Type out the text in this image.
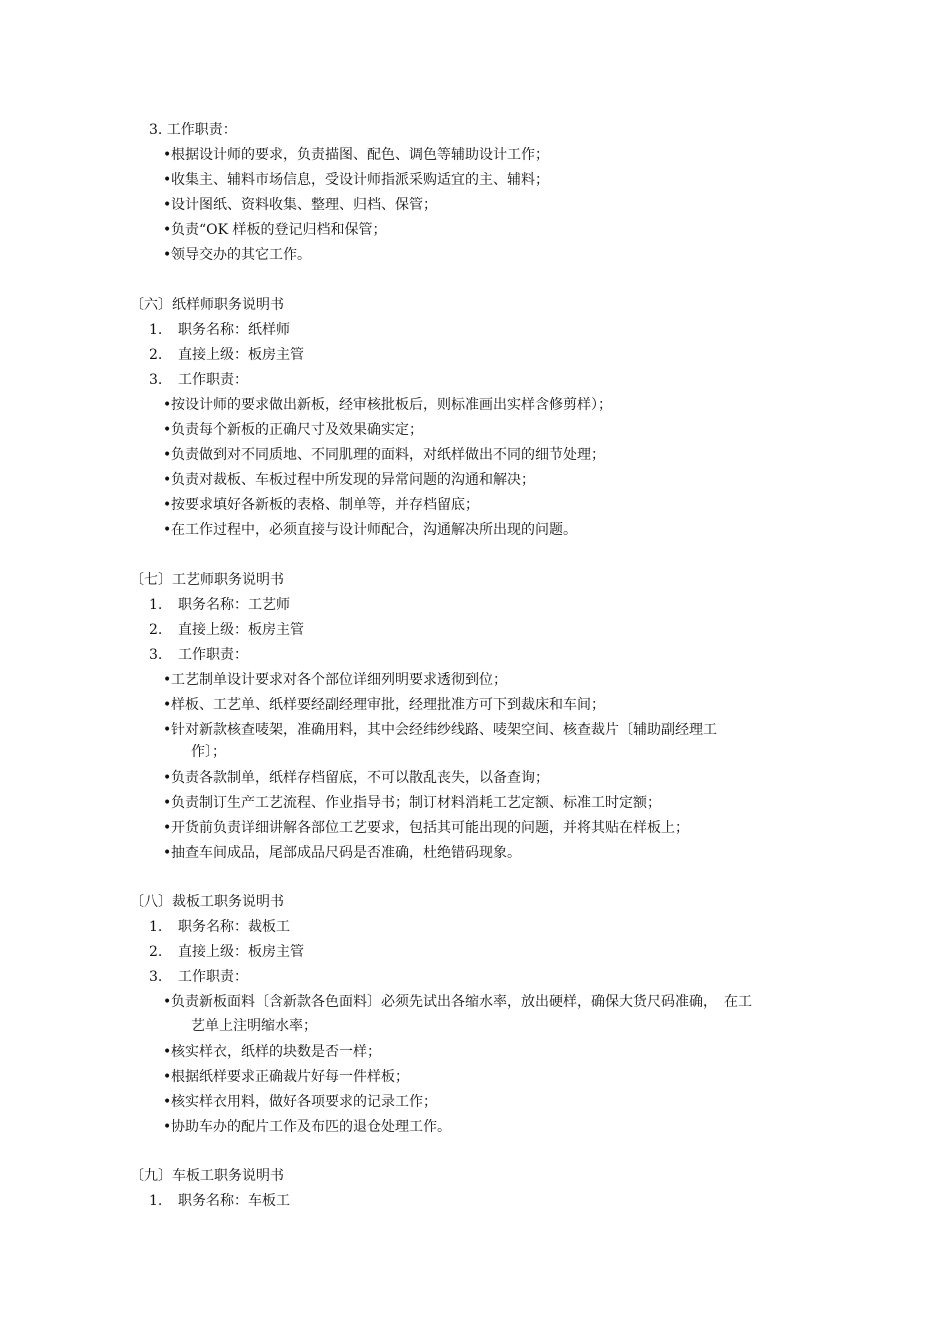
3. 工作职责：
• 根据设计师的要求，负责描图、配色、调色等辅助设计工作；
• 收集主、辅料市场信息，受设计师指派采购适宜的主、辅料；
• 设计图纸、资料收集、整理、归档、保管；
• 负责“OK 样板的登记归档和保管；
• 领导交办的其它工作。
〔六〕纸样师职务说明书
1. 职务名称：纸样师
2. 直接上级：板房主管
3. 工作职责：
• 按设计师的要求做出新板，经审核批板后，则标准画出实样含修剪样）；
• 负责每个新板的正确尺寸及效果确实定；
• 负责做到对不同质地、不同肌理的面料，对纸样做出不同的细节处理；
• 负责对裁板、车板过程中所发现的异常问题的沟通和解决；
• 按要求填好各新板的表格、制单等，并存档留底；
• 在工作过程中，必须直接与设计师配合，沟通解决所出现的问题。
〔七〕工艺师职务说明书
1. 职务名称：工艺师
2. 直接上级：板房主管
3. 工作职责：
• 工艺制单设计要求对各个部位详细列明要求透彻到位；
• 样板、工艺单、纸样要经副经理审批，经理批准方可下到裁床和车间；
• 针对新款核查唛架，准确用料，其中会经纬纱线路、唛架空间、核查裁片〔辅助副经理工
作〕；
• 负责各款制单，纸样存档留底，不可以散乱丧失，以备查询；
• 负责制订生产工艺流程、作业指导书；制订材料消耗工艺定额、标准工时定额；
• 开货前负责详细讲解各部位工艺要求，包括其可能出现的问题，并将其贴在样板上；
• 抽查车间成品，尾部成品尺码是否准确，杜绝错码现象。
〔八〕裁板工职务说明书
1. 职务名称：裁板工
2. 直接上级：板房主管
3. 工作职责：
• 负责新板面料〔含新款各色面料〕必须先试出各缩水率，放出硬样，确保大货尺码准确，　在工
艺单上注明缩水率；
• 核实样衣，纸样的块数是否一样；
• 根据纸样要求正确裁片好每一件样板；
• 核实样衣用料，做好各项要求的记录工作；
• 协助车办的配片工作及布匹的退仓处理工作。
〔九〕车板工职务说明书
1. 职务名称：车板工
